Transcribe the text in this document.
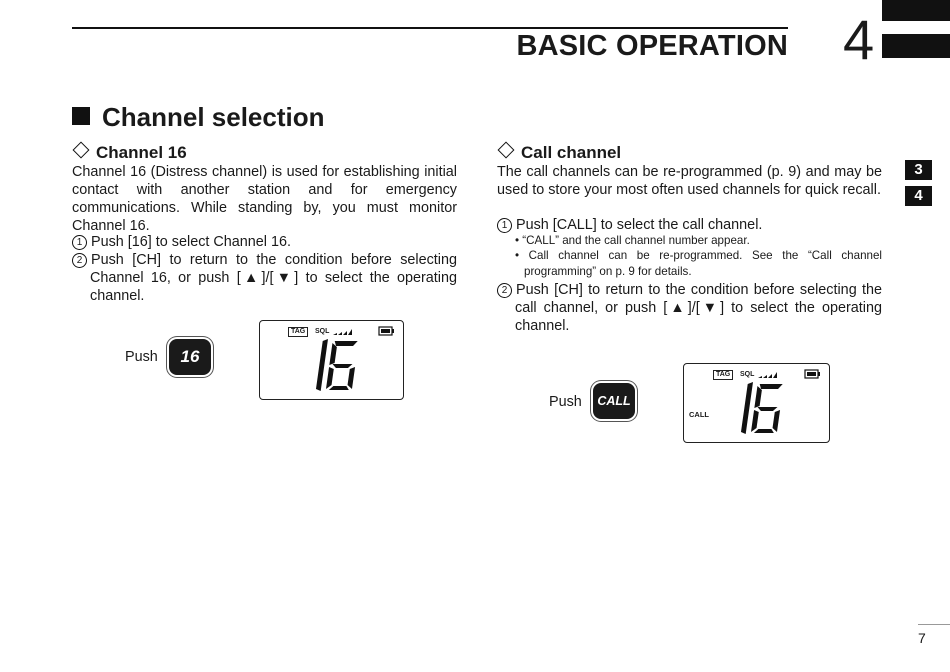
BASIC OPERATION 4
Channel selection
Channel 16
Channel 16 (Distress channel) is used for establishing initial contact with another station and for emergency communications. While standing by, you must monitor Channel 16.
1 Push [16] to select Channel 16.
2 Push [CH] to return to the condition before selecting Channel 16, or push [▲]/[▼] to select the operating channel.
Push	16
TAG	SQL
Call channel
The call channels can be re-programmed (p. 9) and may be used to store your most often used channels for quick recall.
1 Push [CALL] to select the call channel.
• “CALL” and the call channel number appear.
• Call channel can be re-programmed. See the “Call channel programming” on p. 9 for details.
2 Push [CH] to return to the condition before selecting the call channel, or push [▲]/[▼] to select the operating channel.
Push	CALL
TAG	SQL
CALL
3
4
7
